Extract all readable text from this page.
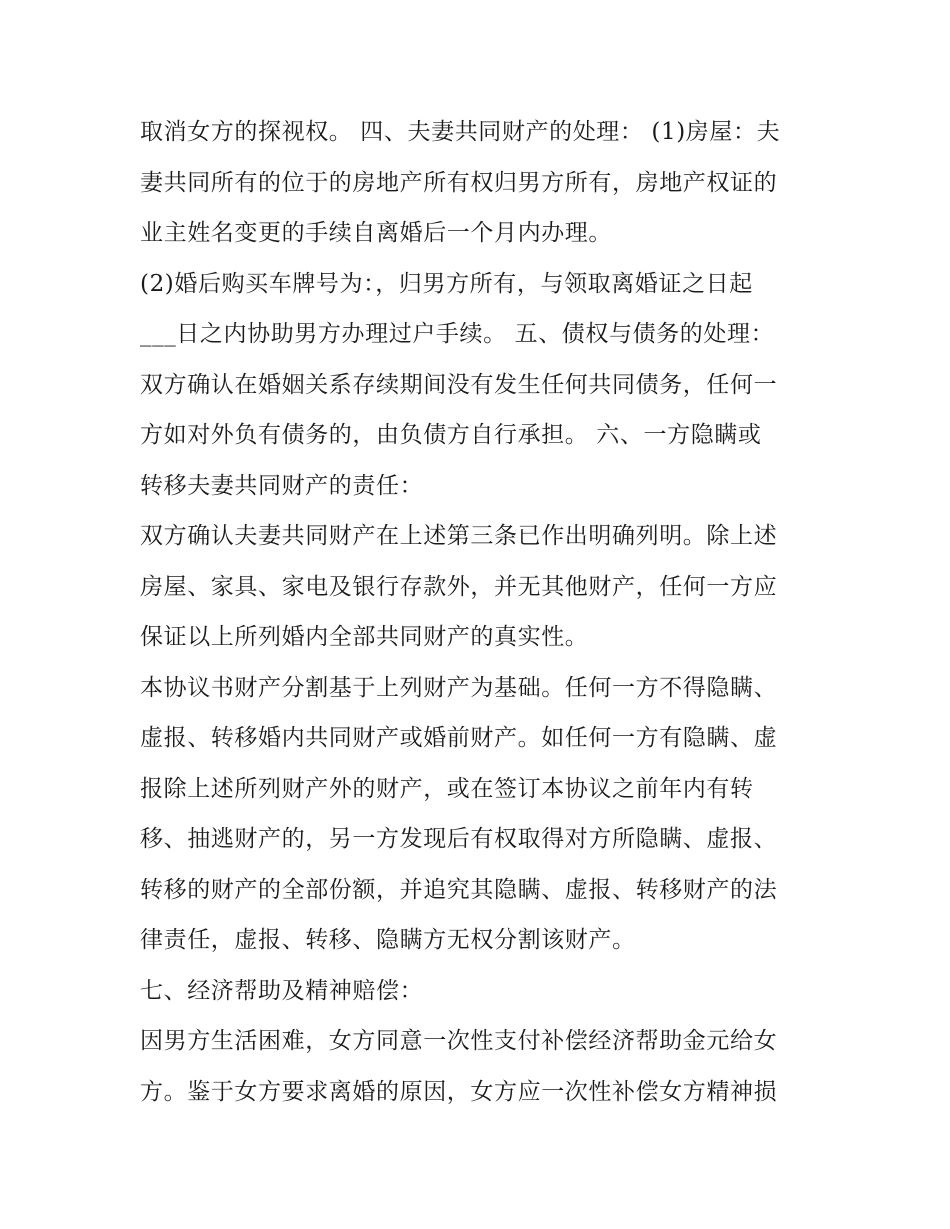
取消女方的探视权。 四、夫妻共同财产的处理： (1)房屋：夫
妻共同所有的位于的房地产所有权归男方所有，房地产权证的
业主姓名变更的手续自离婚后一个月内办理。
(2)婚后购买车牌号为：，归男方所有，与领取离婚证之日起
___日之内协助男方办理过户手续。 五、债权与债务的处理：
双方确认在婚姻关系存续期间没有发生任何共同债务，任何一
方如对外负有债务的，由负债方自行承担。 六、一方隐瞒或
转移夫妻共同财产的责任：
双方确认夫妻共同财产在上述第三条已作出明确列明。除上述
房屋、家具、家电及银行存款外，并无其他财产，任何一方应
保证以上所列婚内全部共同财产的真实性。
本协议书财产分割基于上列财产为基础。任何一方不得隐瞒、
虚报、转移婚内共同财产或婚前财产。如任何一方有隐瞒、虚
报除上述所列财产外的财产，或在签订本协议之前年内有转
移、抽逃财产的，另一方发现后有权取得对方所隐瞒、虚报、
转移的财产的全部份额，并追究其隐瞒、虚报、转移财产的法
律责任，虚报、转移、隐瞒方无权分割该财产。
七、经济帮助及精神赔偿：
因男方生活困难，女方同意一次性支付补偿经济帮助金元给女
方。鉴于女方要求离婚的原因，女方应一次性补偿女方精神损
